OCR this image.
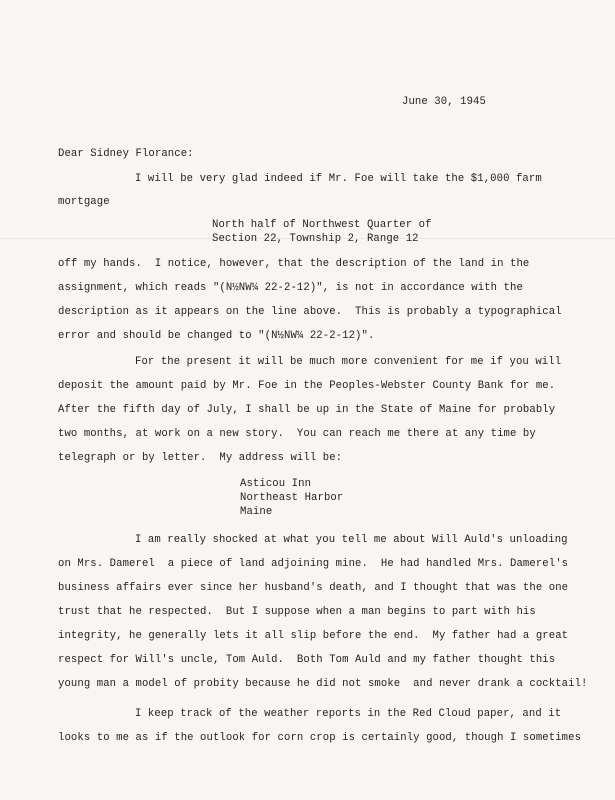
June 30, 1945
Dear Sidney Florance:
I will be very glad indeed if Mr. Foe will take the $1,000 farm
mortgage
North half of Northwest Quarter of
Section 22, Township 2, Range 12
off my hands.  I notice, however, that the description of the land in the
assignment, which reads "(N½NW¼ 22-2-12)", is not in accordance with the
description as it appears on the line above.  This is probably a typographical
error and should be changed to "(N½NW¼ 22-2-12)".
For the present it will be much more convenient for me if you will
deposit the amount paid by Mr. Foe in the Peoples-Webster County Bank for me.
After the fifth day of July, I shall be up in the State of Maine for probably
two months, at work on a new story.  You can reach me there at any time by
telegraph or by letter.  My address will be:
Asticou Inn
Northeast Harbor
Maine
I am really shocked at what you tell me about Will Auld's unloading
on Mrs. Damerel  a piece of land adjoining mine.  He had handled Mrs. Damerel's
business affairs ever since her husband's death, and I thought that was the one
trust that he respected.  But I suppose when a man begins to part with his
integrity, he generally lets it all slip before the end.  My father had a great
respect for Will's uncle, Tom Auld.  Both Tom Auld and my father thought this
young man a model of probity because he did not smoke  and never drank a cocktail!
I keep track of the weather reports in the Red Cloud paper, and it
looks to me as if the outlook for corn crop is certainly good, though I sometimes
